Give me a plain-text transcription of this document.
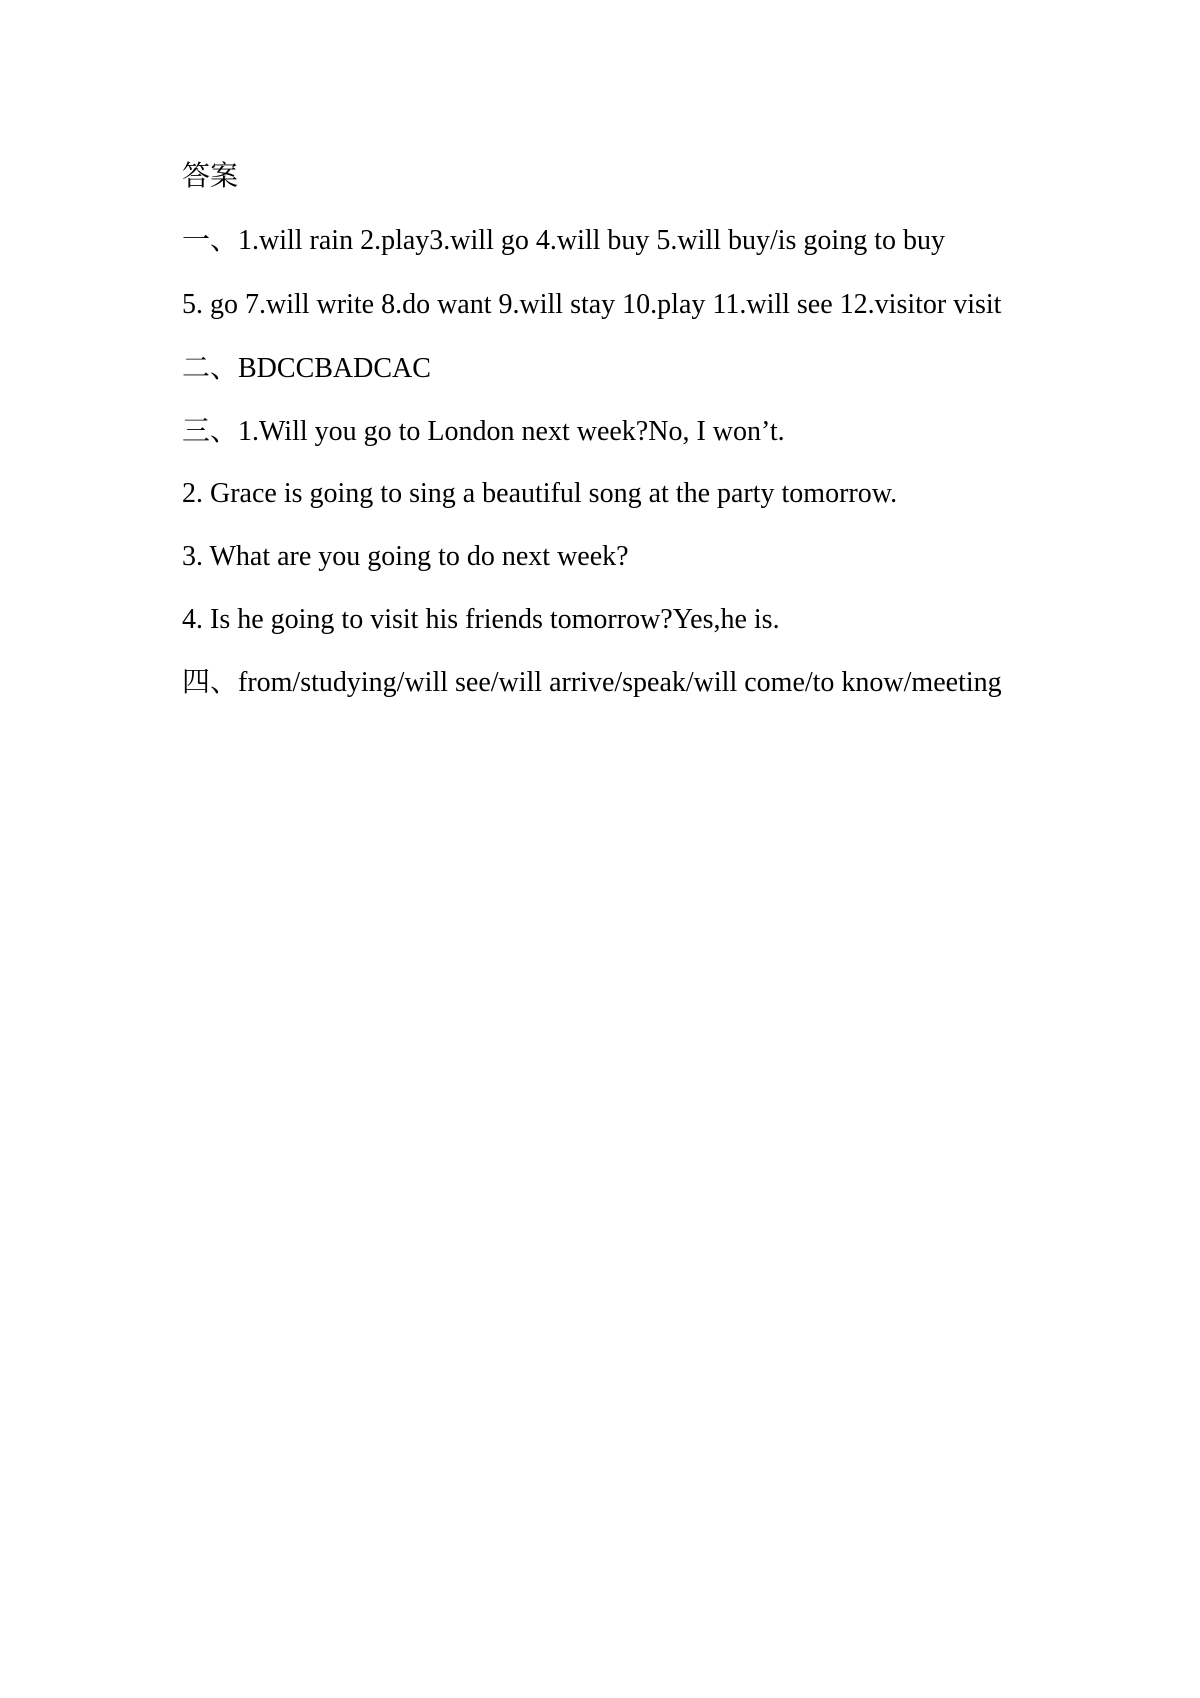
答案
一、1.will rain 2.play3.will go 4.will buy 5.will buy/is going to buy
5. go 7.will write 8.do want 9.will stay 10.play 11.will see 12.visitor visit
二、BDCCBADCAC
三、1.Will you go to London next week?No, I won’t.
2. Grace is going to sing a beautiful song at the party tomorrow.
3. What are you going to do next week?
4. Is he going to visit his friends tomorrow?Yes,he is.
四、from/studying/will see/will arrive/speak/will come/to know/meeting
